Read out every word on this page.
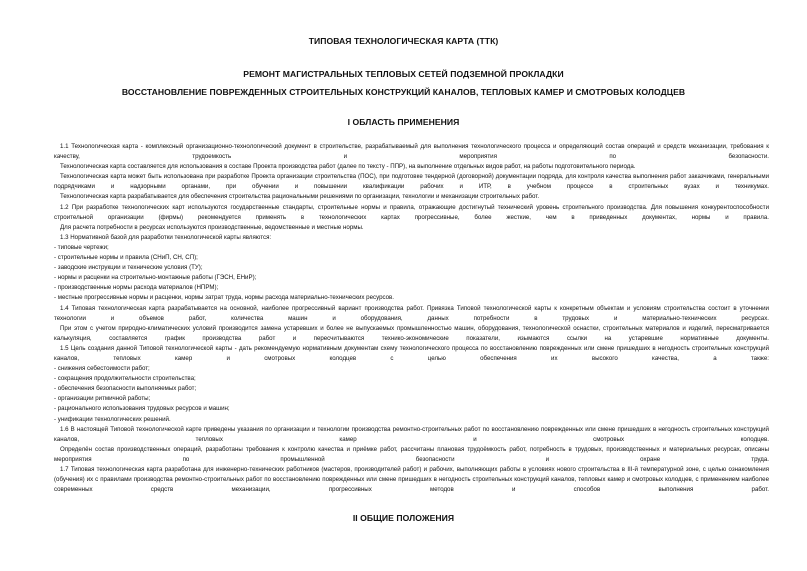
ТИПОВАЯ ТЕХНОЛОГИЧЕСКАЯ КАРТА (ТТК)
РЕМОНТ МАГИСТРАЛЬНЫХ ТЕПЛОВЫХ СЕТЕЙ ПОДЗЕМНОЙ ПРОКЛАДКИ
ВОССТАНОВЛЕНИЕ ПОВРЕЖДЕННЫХ СТРОИТЕЛЬНЫХ КОНСТРУКЦИЙ КАНАЛОВ, ТЕПЛОВЫХ КАМЕР И СМОТРОВЫХ КОЛОДЦЕВ
I ОБЛАСТЬ ПРИМЕНЕНИЯ

1.1 Технологическая карта - комплексный организационно-технологический документ в строительстве, разрабатываемый для выполнения технологического процесса и определяющий состав операций и средств механизации, требования к качеству, трудоемкость и мероприятия по безопасности.

Технологическая карта составляется для использования в составе Проекта производства работ (далее по тексту - ППР), на выполнение отдельных видов работ, на работы подготовительного периода.

Технологическая карта может быть использована при разработке Проекта организации строительства (ПОС), при подготовке тендерной (договорной) документации подряда, для контроля качества выполнения работ заказчиками, генеральными подрядчиками и надзорными органами, при обучении и повышении квалификации рабочих и ИТР, в учебном процессе в строительных вузах и техникумах.

Технологическая карта разрабатывается для обеспечения строительства рациональными решениями по организации, технологии и механизации строительных работ.

1.2 При разработке технологических карт используются государственные стандарты, строительные нормы и правила, отражающие достигнутый технический уровень строительного производства. Для повышения конкурентоспособности строительной организации (фирмы) рекомендуется применять в технологических картах прогрессивные, более жесткие, чем в приведенных документах, нормы и правила.

Для расчета потребности в ресурсах используются производственные, ведомственные и местные нормы.

1.3 Нормативной базой для разработки технологической карты являются:

- типовые чертежи;

- строительные нормы и правила (СНиП, СН, СП);

- заводские инструкции и технические условия (ТУ);

- нормы и расценки на строительно-монтажные работы (ГЭСН, ЕНиР);

- производственные нормы расхода материалов (НПРМ);

- местные прогрессивные нормы и расценки, нормы затрат труда, нормы расхода материально-технических ресурсов.

1.4 Типовая технологическая карта разрабатывается на основной, наиболее прогрессивный вариант производства работ. Привязка Типовой технологической карты к конкретным объектам и условиям строительства состоит в уточнении технологии и объемов работ, количества машин и оборудования, данных потребности в трудовых и материально-технических ресурсах.

При этом с учетом природно-климатических условий производится замена устаревших и более не выпускаемых промышленностью машин, оборудования, технологической оснастки, строительных материалов и изделий, пересматривается калькуляция, составляется график производства работ и пересчитываются технико-экономические показатели, изымаются ссылки на устаревшие нормативные документы.

1.5 Цель создания данной Типовой технологической карты - дать рекомендуемую нормативным документам схему технологического процесса по восстановлению поврежденных или смене пришедших в негодность строительных конструкций каналов, тепловых камер и смотровых колодцев с целью обеспечения их высокого качества, а также:

- снижения себестоимости работ;

- сокращения продолжительности строительства;

- обеспечения безопасности выполняемых работ;

- организации ритмичной работы;

- рационального использования трудовых ресурсов и машин;

- унификации технологических решений.

1.6 В настоящей Типовой технологической карте приведены указания по организации и технологии производства ремонтно-строительных работ по восстановлению поврежденных или смене пришедших в негодность строительных конструкций каналов, тепловых камер и смотровых колодцев.

Определён состав производственных операций, разработаны требования к контролю качества и приёмке работ, рассчитаны плановая трудоёмкость работ, потребность в трудовых, производственных и материальных ресурсах, описаны мероприятия по промышленной безопасности и охране труда.

1.7 Типовая технологическая карта разработана для инженерно-технических работников (мастеров, производителей работ) и рабочих, выполняющих работы в условиях нового строительства в III-й температурной зоне, с целью ознакомления (обучения) их с правилами производства ремонтно-строительных работ по восстановлению поврежденных или смене пришедших в негодность строительных конструкций каналов, тепловых камер и смотровых колодцев, с применением наиболее современных средств механизации, прогрессивных методов и способов выполнения работ.

II ОБЩИЕ ПОЛОЖЕНИЯ
